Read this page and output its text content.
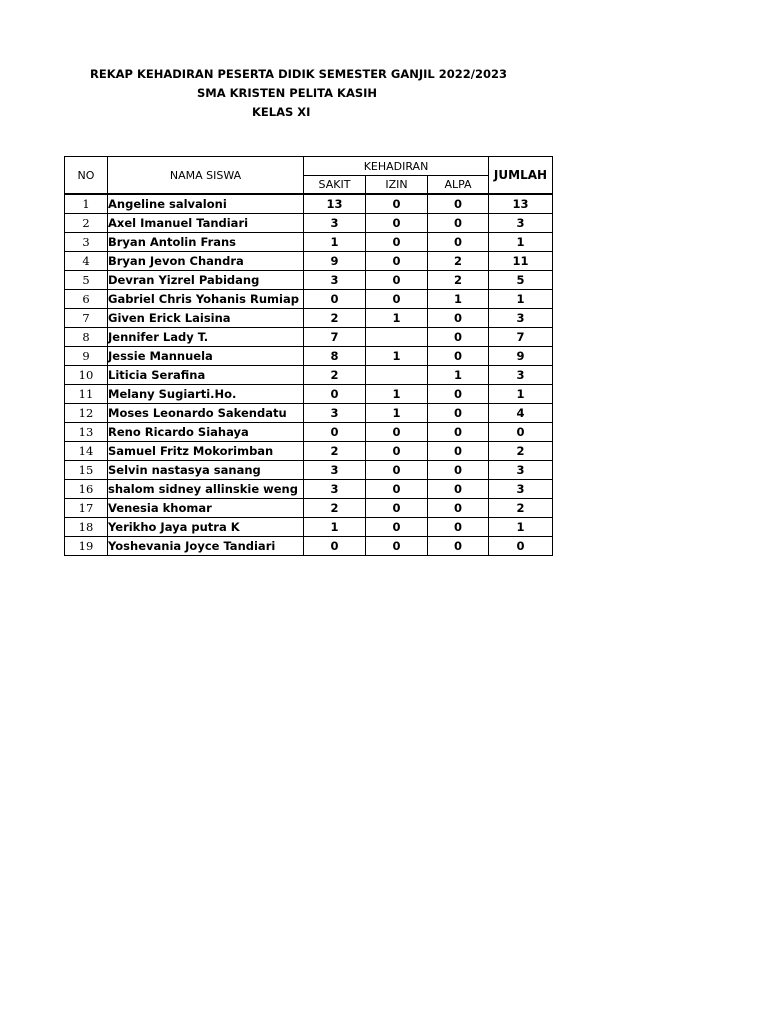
REKAP KEHADIRAN PESERTA DIDIK SEMESTER GANJIL 2022/2023
SMA KRISTEN PELITA KASIH
KELAS XI
NO	NAMA SISWA	KEHADIRAN			JUMLAH
		SAKIT	IZIN	ALPA	
1	Angeline salvaloni	13	0	0	13
2	Axel Imanuel Tandiari	3	0	0	3
3	Bryan Antolin Frans	1	0	0	1
4	Bryan Jevon Chandra	9	0	2	11
5	Devran Yizrel Pabidang	3	0	2	5
6	Gabriel Chris Yohanis Rumiap	0	0	1	1
7	Given Erick Laisina	2	1	0	3
8	Jennifer Lady T.	7		0	7
9	Jessie Mannuela	8	1	0	9
10	Liticia Serafina	2		1	3
11	Melany Sugiarti.Ho.	0	1	0	1
12	Moses Leonardo Sakendatu	3	1	0	4
13	Reno Ricardo Siahaya	0	0	0	0
14	Samuel Fritz Mokorimban	2	0	0	2
15	Selvin nastasya sanang	3	0	0	3
16	shalom sidney allinskie weng	3	0	0	3
17	Venesia khomar	2	0	0	2
18	Yerikho Jaya putra K	1	0	0	1
19	Yoshevania Joyce Tandiari	0	0	0	0
